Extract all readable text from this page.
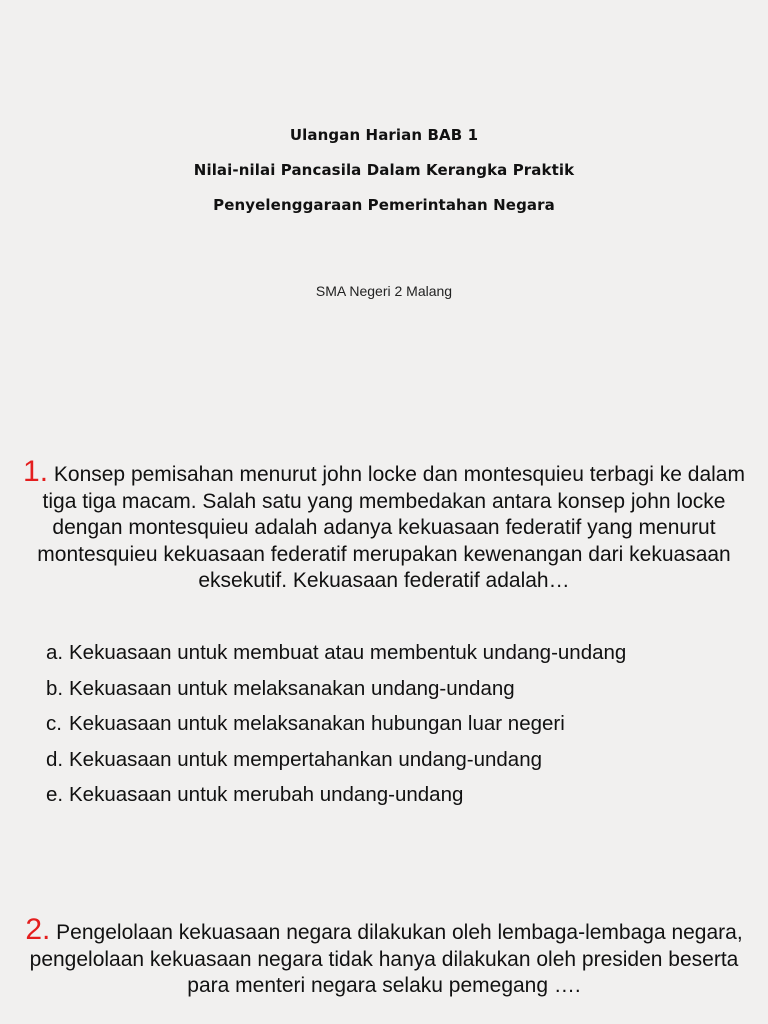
Ulangan Harian BAB 1
Nilai-nilai Pancasila Dalam Kerangka Praktik
Penyelenggaraan Pemerintahan Negara
SMA Negeri 2 Malang
1. Konsep pemisahan menurut john locke dan montesquieu terbagi ke dalam tiga tiga macam. Salah satu yang membedakan antara konsep john locke dengan montesquieu adalah adanya kekuasaan federatif yang menurut montesquieu kekuasaan federatif merupakan kewenangan dari kekuasaan eksekutif. Kekuasaan federatif adalah…
a. Kekuasaan untuk membuat atau membentuk undang-undang
b. Kekuasaan untuk melaksanakan undang-undang
c. Kekuasaan untuk melaksanakan hubungan luar negeri
d. Kekuasaan untuk mempertahankan undang-undang
e. Kekuasaan untuk merubah undang-undang
2. Pengelolaan kekuasaan negara dilakukan oleh lembaga-lembaga negara, pengelolaan kekuasaan negara tidak hanya dilakukan oleh presiden beserta para menteri negara selaku pemegang ….
